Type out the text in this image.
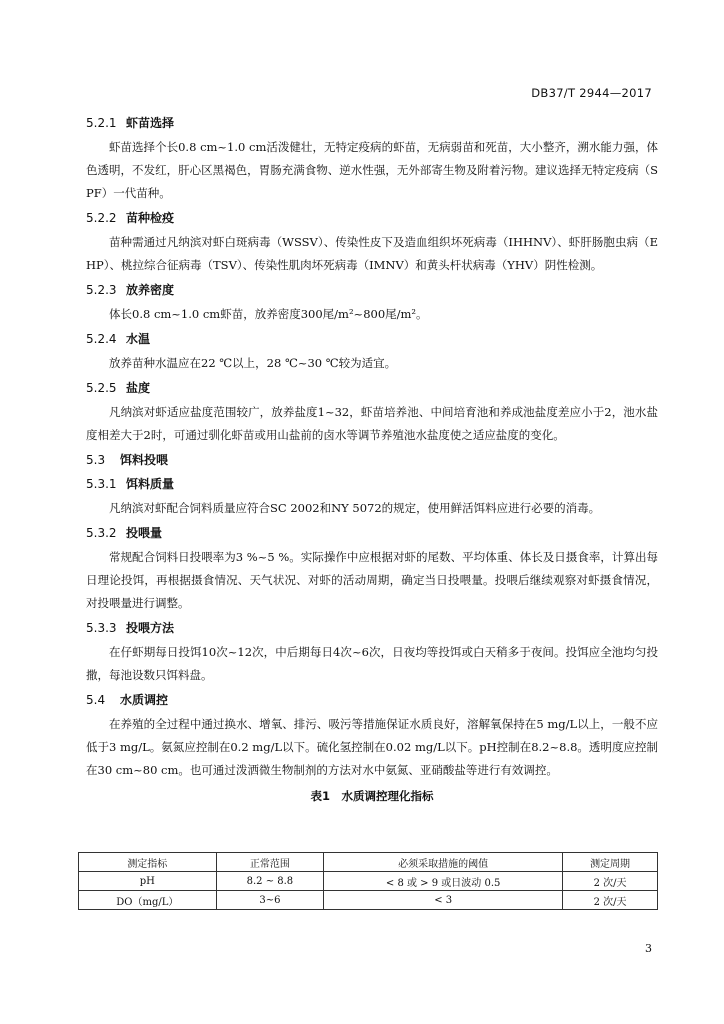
DB37/T 2944—2017
5.2.1 虾苗选择

虾苗选择个长0.8 cm~1.0 cm活泼健壮，无特定疫病的虾苗，无病弱苗和死苗，大小整齐，溯水能力强，体色透明，不发红，肝心区黑褐色，胃肠充满食物、逆水性强，无外部寄生物及附着污物。建议选择无特定疫病（SPF）一代苗种。

5.2.2 苗种检疫

苗种需通过凡纳滨对虾白斑病毒（WSSV）、传染性皮下及造血组织坏死病毒（IHHNV）、虾肝肠胞虫病（EHP）、桃拉综合征病毒（TSV）、传染性肌肉坏死病毒（IMNV）和黄头杆状病毒（YHV）阴性检测。

5.2.3 放养密度

体长0.8 cm~1.0 cm虾苗，放养密度300尾/m²~800尾/m²。

5.2.4 水温

放养苗种水温应在22 ℃以上，28 ℃~30 ℃较为适宜。

5.2.5 盐度

凡纳滨对虾适应盐度范围较广，放养盐度1~32，虾苗培养池、中间培育池和养成池盐度差应小于2，池水盐度相差大于2时，可通过驯化虾苗或用山盐前的卤水等调节养殖池水盐度使之适应盐度的变化。

5.3 饵料投喂
5.3.1 饵料质量

凡纳滨对虾配合饲料质量应符合SC 2002和NY 5072的规定，使用鲜活饵料应进行必要的消毒。

5.3.2 投喂量

常规配合饲料日投喂率为3 %~5 %。实际操作中应根据对虾的尾数、平均体重、体长及日摄食率，计算出每日理论投饵，再根据摄食情况、天气状况、对虾的活动周期，确定当日投喂量。投喂后继续观察对虾摄食情况，对投喂量进行调整。

5.3.3 投喂方法

在仔虾期每日投饵10次~12次，中后期每日4次~6次，日夜均等投饵或白天稍多于夜间。投饵应全池均匀投撒，每池设数只饵料盘。

5.4 水质调控

在养殖的全过程中通过换水、增氧、排污、吸污等措施保证水质良好，溶解氧保持在5 mg/L以上，一般不应低于3 mg/L。氨氮应控制在0.2 mg/L以下。硫化氢控制在0.02 mg/L以下。pH控制在8.2~8.8。透明度应控制在30 cm~80 cm。也可通过泼洒微生物制剂的方法对水中氨氮、亚硝酸盐等进行有效调控。

表1　水质调控理化指标
测定指标	正常范围	必须采取措施的阈值	测定周期
pH	8.2 ~ 8.8	< 8 或 > 9 或日波动 0.5	2 次/天
DO（mg/L）	3~6	< 3	2 次/天
3
